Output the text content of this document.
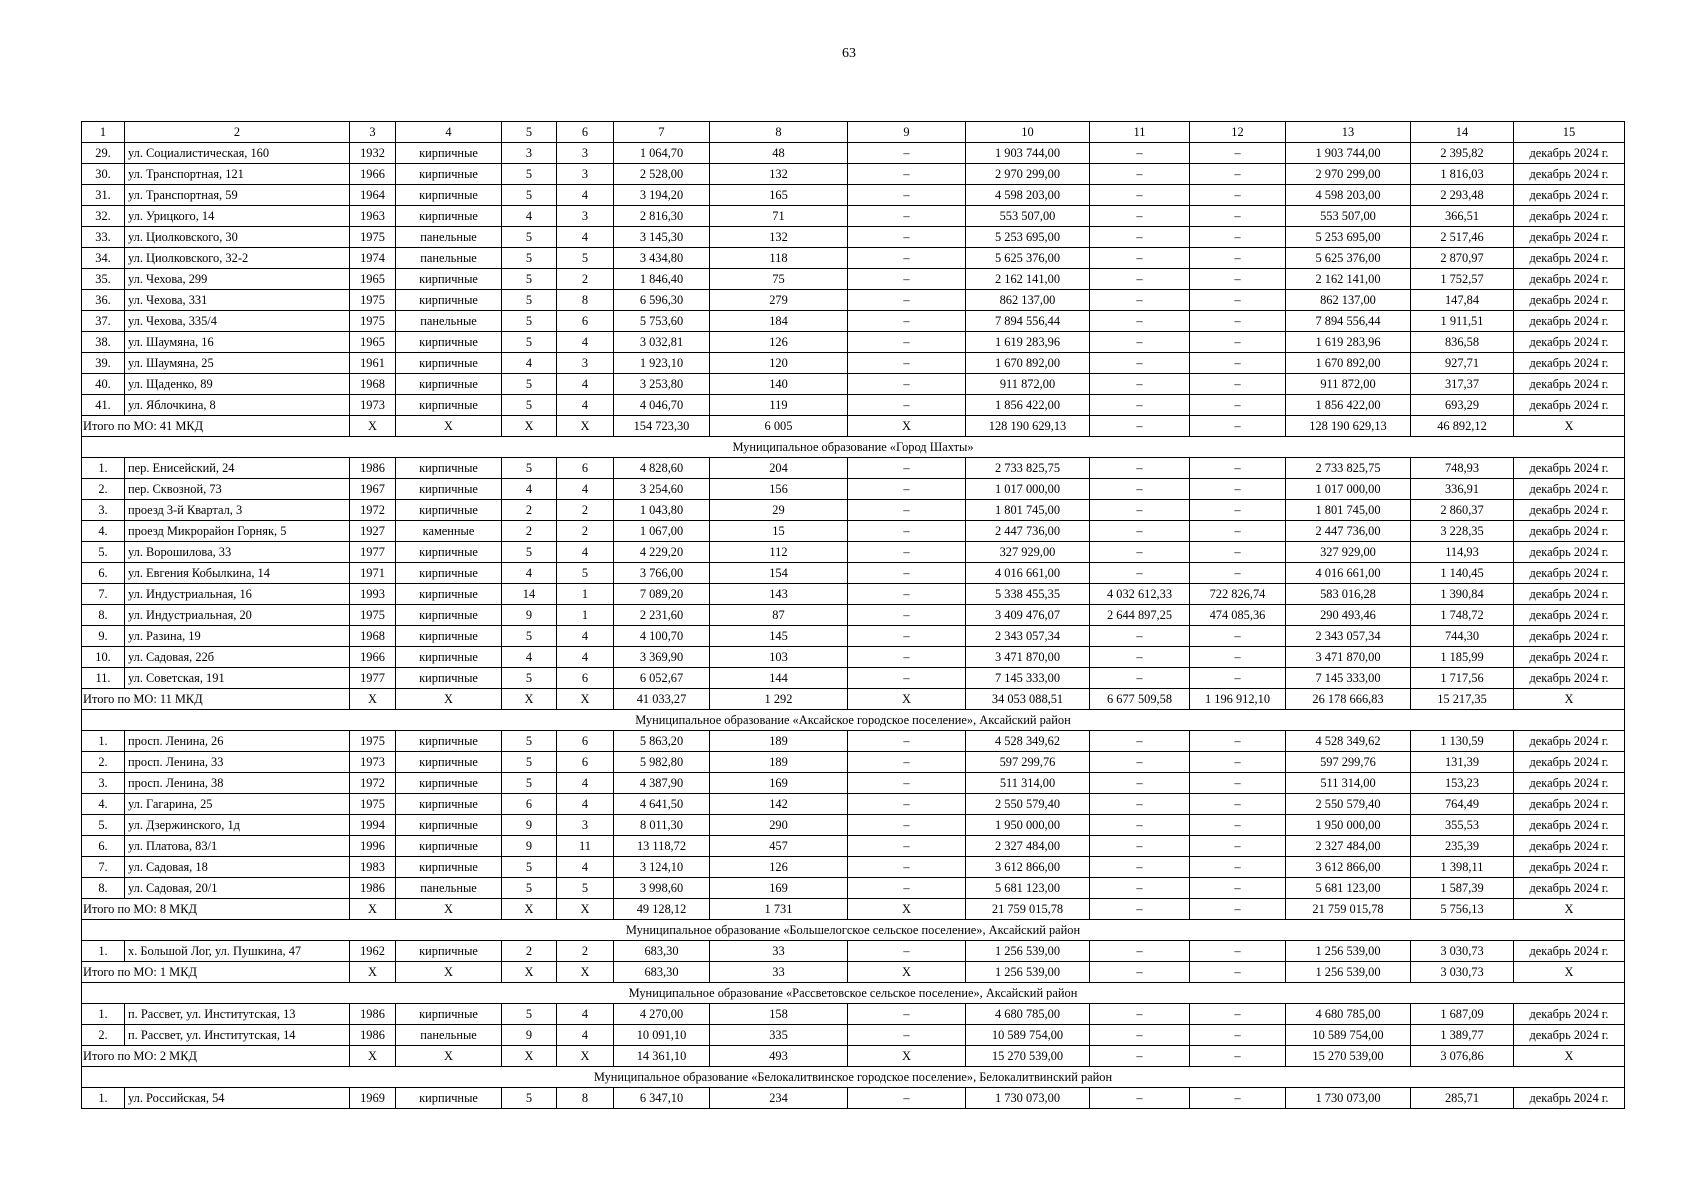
63
1	2	3	4	5	6	7	8	9	10	11	12	13	14	15
29.	ул. Социалистическая, 160	1932	кирпичные	3	3	1 064,70	48	–	1 903 744,00	–	–	1 903 744,00	2 395,82	декабрь 2024 г.
30.	ул. Транспортная, 121	1966	кирпичные	5	3	2 528,00	132	–	2 970 299,00	–	–	2 970 299,00	1 816,03	декабрь 2024 г.
31.	ул. Транспортная, 59	1964	кирпичные	5	4	3 194,20	165	–	4 598 203,00	–	–	4 598 203,00	2 293,48	декабрь 2024 г.
32.	ул. Урицкого, 14	1963	кирпичные	4	3	2 816,30	71	–	553 507,00	–	–	553 507,00	366,51	декабрь 2024 г.
33.	ул. Циолковского, 30	1975	панельные	5	4	3 145,30	132	–	5 253 695,00	–	–	5 253 695,00	2 517,46	декабрь 2024 г.
34.	ул. Циолковского, 32-2	1974	панельные	5	5	3 434,80	118	–	5 625 376,00	–	–	5 625 376,00	2 870,97	декабрь 2024 г.
35.	ул. Чехова, 299	1965	кирпичные	5	2	1 846,40	75	–	2 162 141,00	–	–	2 162 141,00	1 752,57	декабрь 2024 г.
36.	ул. Чехова, 331	1975	кирпичные	5	8	6 596,30	279	–	862 137,00	–	–	862 137,00	147,84	декабрь 2024 г.
37.	ул. Чехова, 335/4	1975	панельные	5	6	5 753,60	184	–	7 894 556,44	–	–	7 894 556,44	1 911,51	декабрь 2024 г.
38.	ул. Шаумяна, 16	1965	кирпичные	5	4	3 032,81	126	–	1 619 283,96	–	–	1 619 283,96	836,58	декабрь 2024 г.
39.	ул. Шаумяна, 25	1961	кирпичные	4	3	1 923,10	120	–	1 670 892,00	–	–	1 670 892,00	927,71	декабрь 2024 г.
40.	ул. Щаденко, 89	1968	кирпичные	5	4	3 253,80	140	–	911 872,00	–	–	911 872,00	317,37	декабрь 2024 г.
41.	ул. Яблочкина, 8	1973	кирпичные	5	4	4 046,70	119	–	1 856 422,00	–	–	1 856 422,00	693,29	декабрь 2024 г.
Итого по МО: 41 МКД		X	X	X	X	154 723,30	6 005	X	128 190 629,13	–	–	128 190 629,13	46 892,12	X
Муниципальное образование «Город Шахты»														
1.	пер. Енисейский, 24	1986	кирпичные	5	6	4 828,60	204	–	2 733 825,75	–	–	2 733 825,75	748,93	декабрь 2024 г.
2.	пер. Сквозной, 73	1967	кирпичные	4	4	3 254,60	156	–	1 017 000,00	–	–	1 017 000,00	336,91	декабрь 2024 г.
3.	проезд 3-й Квартал, 3	1972	кирпичные	2	2	1 043,80	29	–	1 801 745,00	–	–	1 801 745,00	2 860,37	декабрь 2024 г.
4.	проезд Микрорайон Горняк, 5	1927	каменные	2	2	1 067,00	15	–	2 447 736,00	–	–	2 447 736,00	3 228,35	декабрь 2024 г.
5.	ул. Ворошилова, 33	1977	кирпичные	5	4	4 229,20	112	–	327 929,00	–	–	327 929,00	114,93	декабрь 2024 г.
6.	ул. Евгения Кобылкина, 14	1971	кирпичные	4	5	3 766,00	154	–	4 016 661,00	–	–	4 016 661,00	1 140,45	декабрь 2024 г.
7.	ул. Индустриальная, 16	1993	кирпичные	14	1	7 089,20	143	–	5 338 455,35	4 032 612,33	722 826,74	583 016,28	1 390,84	декабрь 2024 г.
8.	ул. Индустриальная, 20	1975	кирпичные	9	1	2 231,60	87	–	3 409 476,07	2 644 897,25	474 085,36	290 493,46	1 748,72	декабрь 2024 г.
9.	ул. Разина, 19	1968	кирпичные	5	4	4 100,70	145	–	2 343 057,34	–	–	2 343 057,34	744,30	декабрь 2024 г.
10.	ул. Садовая, 22б	1966	кирпичные	4	4	3 369,90	103	–	3 471 870,00	–	–	3 471 870,00	1 185,99	декабрь 2024 г.
11.	ул. Советская, 191	1977	кирпичные	5	6	6 052,67	144	–	7 145 333,00	–	–	7 145 333,00	1 717,56	декабрь 2024 г.
Итого по МО: 11 МКД		X	X	X	X	41 033,27	1 292	X	34 053 088,51	6 677 509,58	1 196 912,10	26 178 666,83	15 217,35	X
Муниципальное образование «Аксайское городское поселение», Аксайский район														
1.	просп. Ленина, 26	1975	кирпичные	5	6	5 863,20	189	–	4 528 349,62	–	–	4 528 349,62	1 130,59	декабрь 2024 г.
2.	просп. Ленина, 33	1973	кирпичные	5	6	5 982,80	189	–	597 299,76	–	–	597 299,76	131,39	декабрь 2024 г.
3.	просп. Ленина, 38	1972	кирпичные	5	4	4 387,90	169	–	511 314,00	–	–	511 314,00	153,23	декабрь 2024 г.
4.	ул. Гагарина, 25	1975	кирпичные	6	4	4 641,50	142	–	2 550 579,40	–	–	2 550 579,40	764,49	декабрь 2024 г.
5.	ул. Дзержинского, 1д	1994	кирпичные	9	3	8 011,30	290	–	1 950 000,00	–	–	1 950 000,00	355,53	декабрь 2024 г.
6.	ул. Платова, 83/1	1996	кирпичные	9	11	13 118,72	457	–	2 327 484,00	–	–	2 327 484,00	235,39	декабрь 2024 г.
7.	ул. Садовая, 18	1983	кирпичные	5	4	3 124,10	126	–	3 612 866,00	–	–	3 612 866,00	1 398,11	декабрь 2024 г.
8.	ул. Садовая, 20/1	1986	панельные	5	5	3 998,60	169	–	5 681 123,00	–	–	5 681 123,00	1 587,39	декабрь 2024 г.
Итого по МО: 8 МКД		X	X	X	X	49 128,12	1 731	X	21 759 015,78	–	–	21 759 015,78	5 756,13	X
Муниципальное образование «Большелогское сельское поселение», Аксайский район														
1.	х. Большой Лог, ул. Пушкина, 47	1962	кирпичные	2	2	683,30	33	–	1 256 539,00	–	–	1 256 539,00	3 030,73	декабрь 2024 г.
Итого по МО: 1 МКД		X	X	X	X	683,30	33	X	1 256 539,00	–	–	1 256 539,00	3 030,73	X
Муниципальное образование «Рассветовское сельское поселение», Аксайский район														
1.	п. Рассвет, ул. Институтская, 13	1986	кирпичные	5	4	4 270,00	158	–	4 680 785,00	–	–	4 680 785,00	1 687,09	декабрь 2024 г.
2.	п. Рассвет, ул. Институтская, 14	1986	панельные	9	4	10 091,10	335	–	10 589 754,00	–	–	10 589 754,00	1 389,77	декабрь 2024 г.
Итого по МО: 2 МКД		X	X	X	X	14 361,10	493	X	15 270 539,00	–	–	15 270 539,00	3 076,86	X
Муниципальное образование «Белокалитвинское городское поселение», Белокалитвинский район														
1.	ул. Российская, 54	1969	кирпичные	5	8	6 347,10	234	–	1 730 073,00	–	–	1 730 073,00	285,71	декабрь 2024 г.
